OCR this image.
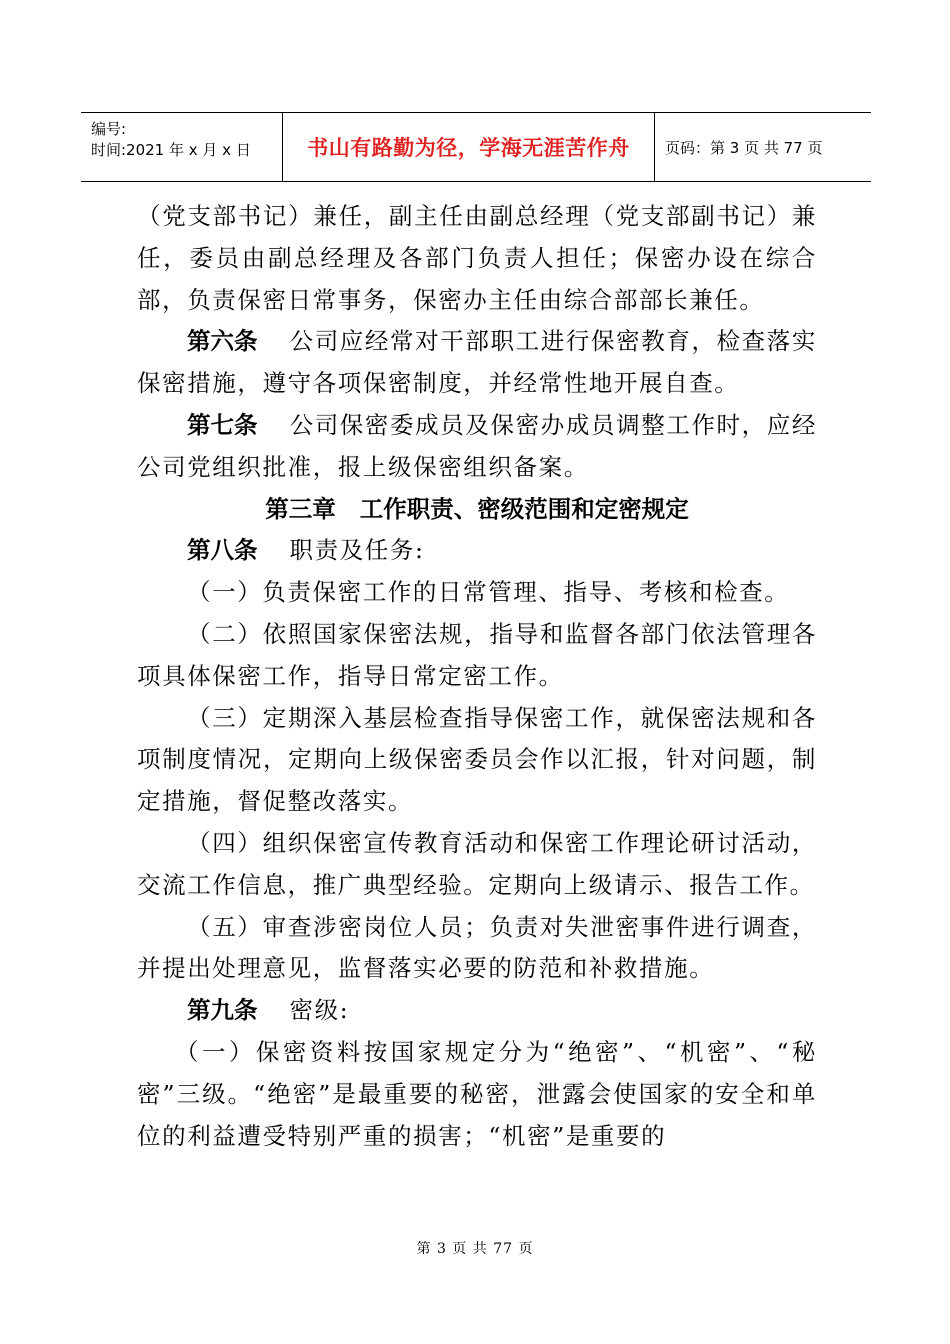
编号:
时间:2021 年 x 月 x 日	书山有路勤为径，学海无涯苦作舟 页码：第 3 页 共 77 页

（党支部书记）兼任，副主任由副总经理（党支部副书记）兼任，委员由副总经理及各部门负责人担任；保密办设在综合部，负责保密日常事务，保密办主任由综合部部长兼任。

第六条 公司应经常对干部职工进行保密教育，检查落实保密措施，遵守各项保密制度，并经常性地开展自查。

第七条 公司保密委成员及保密办成员调整工作时，应经公司党组织批准，报上级保密组织备案。

第三章 工作职责、密级范围和定密规定

第八条 职责及任务:

（一）负责保密工作的日常管理、指导、考核和检查。

（二）依照国家保密法规，指导和监督各部门依法管理各项具体保密工作，指导日常定密工作。

（三）定期深入基层检查指导保密工作，就保密法规和各项制度情况，定期向上级保密委员会作以汇报，针对问题，制定措施，督促整改落实。

（四）组织保密宣传教育活动和保密工作理论研讨活动，交流工作信息，推广典型经验。定期向上级请示、报告工作。

（五）审查涉密岗位人员；负责对失泄密事件进行调查，并提出处理意见，监督落实必要的防范和补救措施。

第九条 密级:

（一）保密资料按国家规定分为“绝密”、“机密”、“秘密”三级。“绝密”是最重要的秘密，泄露会使国家的安全和单位的利益遭受特别严重的损害；“机密”是重要的

第 3 页 共 77 页
